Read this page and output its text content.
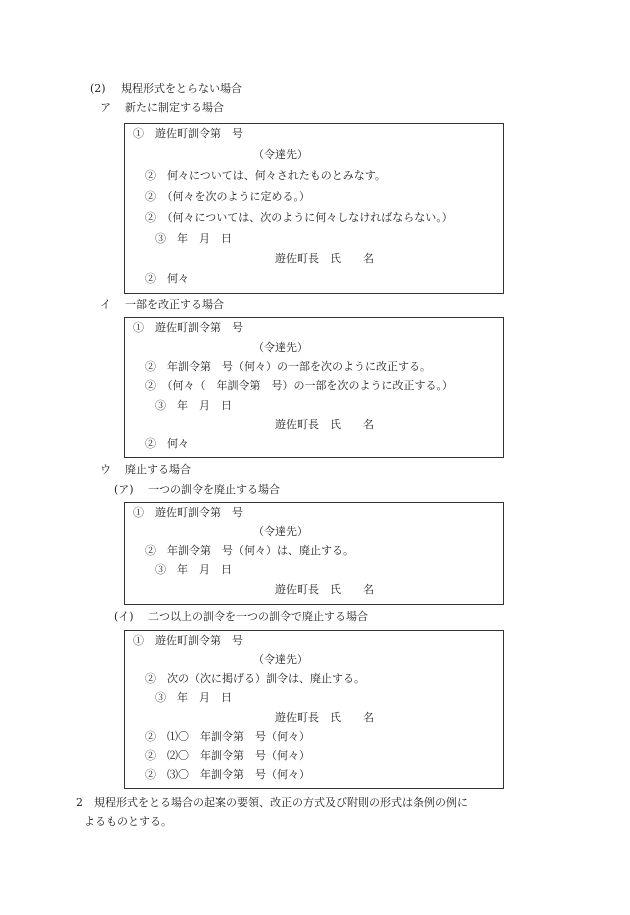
(2) 規程形式をとらない場合
ア 新たに制定する場合
①　遊佐町訓令第　号
（令達先）
②　何々については、何々されたものとみなす。
②　（何々を次のように定める。）
②　（何々については、次のように何々しなければならない。）
③　年　月　日
遊佐町長　氏　　名
②　何々
イ 一部を改正する場合
①　遊佐町訓令第　号
（令達先）
②　年訓令第　号（何々）の一部を次のように改正する。
②　（何々（　年訓令第　号）の一部を次のように改正する。）
③　年　月　日
遊佐町長　氏　　名
②　何々
ウ 廃止する場合
(ア) 一つの訓令を廃止する場合
①　遊佐町訓令第　号
（令達先）
②　年訓令第　号（何々）は、廃止する。
③　年　月　日
遊佐町長　氏　　名
(イ) 二つ以上の訓令を一つの訓令で廃止する場合
①　遊佐町訓令第　号
（令達先）
②　次の（次に掲げる）訓令は、廃止する。
③　年　月　日
遊佐町長　氏　　名
②　⑴〇　年訓令第　号（何々）
②　⑵〇　年訓令第　号（何々）
②　⑶〇　年訓令第　号（何々）
2　規程形式をとる場合の起案の要領、改正の方式及び附則の形式は条例の例に
よるものとする。
